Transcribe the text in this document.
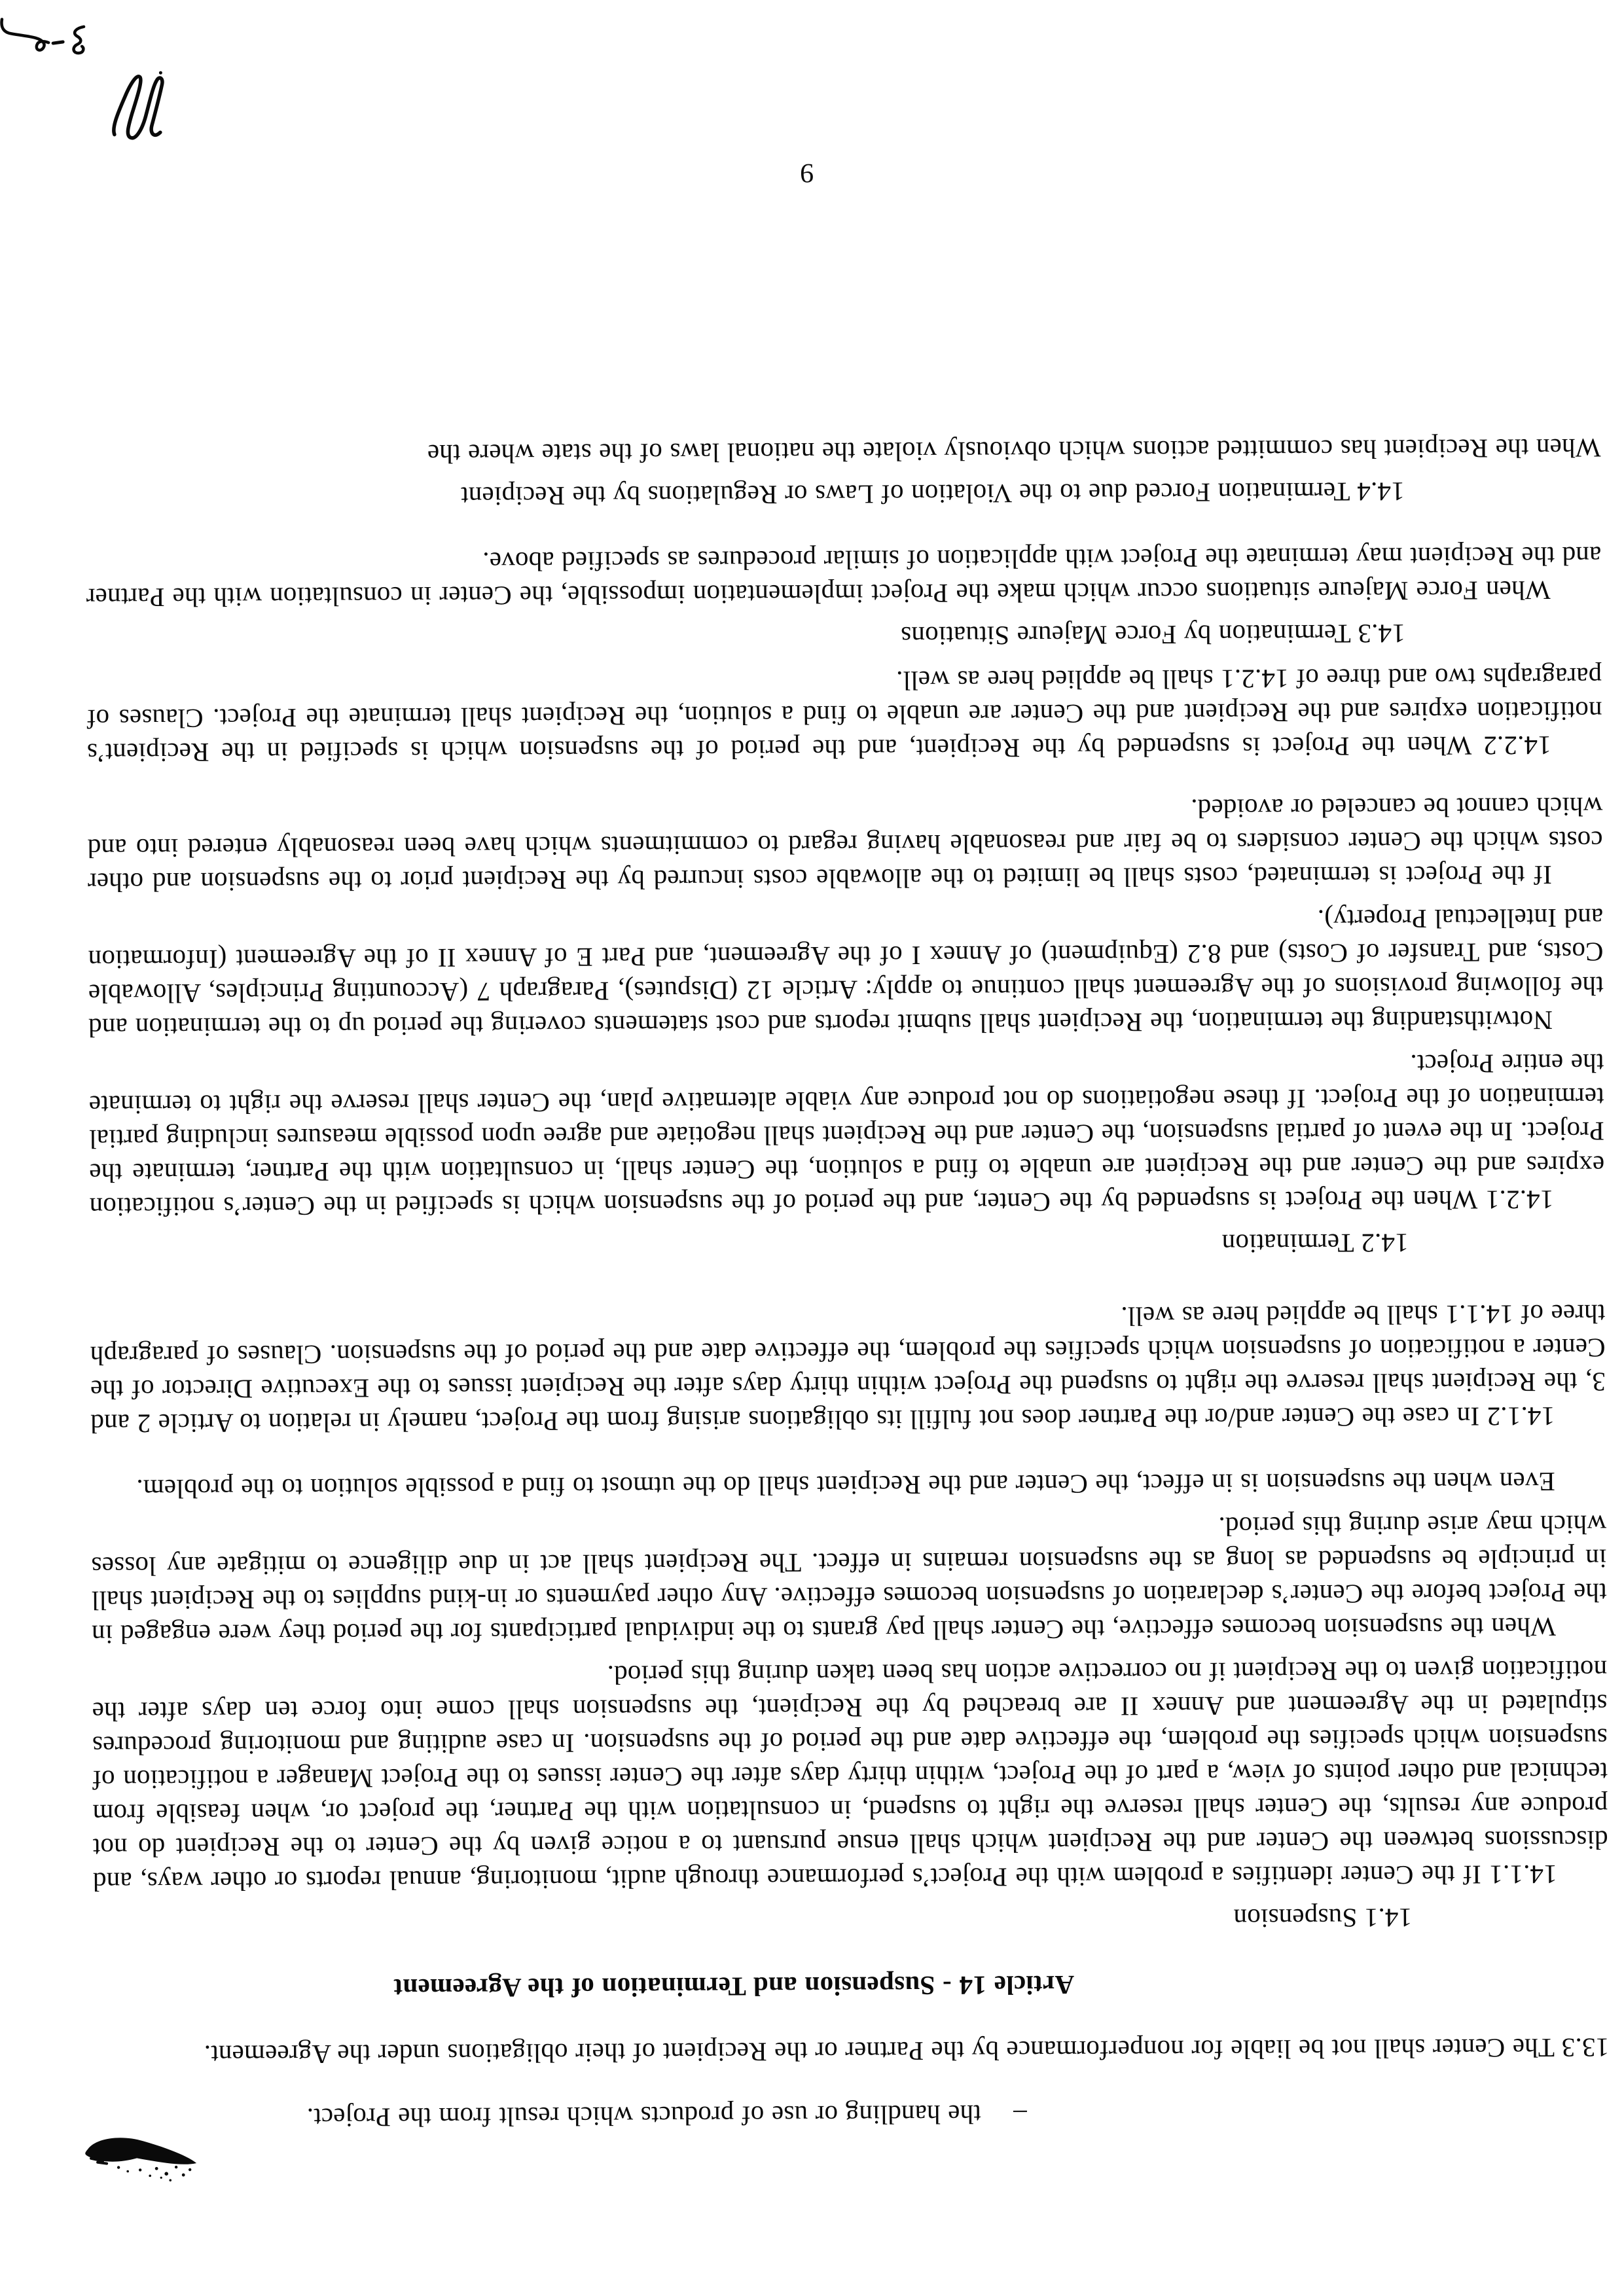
–the handling or use of products which result from the Project.

13.3 The Center shall not be liable for nonperformance by the Partner or the Recipient of their obligations under the Agreement.

Article 14 - Suspension and Termination of the Agreement

14.1 Suspension

14.1.1 If the Center identifies a problem with the Project’s performance through audit, monitoring, annual reports or other ways, and discussions between the Center and the Recipient which shall ensue pursuant to a notice given by the Center to the Recipient do not produce any results, the Center shall reserve the right to suspend, in consultation with the Partner, the project or, when feasible from technical and other points of view, a part of the Project, within thirty days after the Center issues to the Project Manager a notification of suspension which specifies the problem, the effective date and the period of the suspension. In case auditing and monitoring procedures stipulated in the Agreement and Annex II are breached by the Recipient, the suspension shall come into force ten days after the notification given to the Recipient if no corrective action has been taken during this period.

When the suspension becomes effective, the Center shall pay grants to the individual participants for the period they were engaged in the Project before the Center’s declaration of suspension becomes effective. Any other payments or in-kind supplies to the Recipient shall in principle be suspended as long as the suspension remains in effect. The Recipient shall act in due diligence to mitigate any losses which may arise during this period.

Even when the suspension is in effect, the Center and the Recipient shall do the utmost to find a possible solution to the problem.

14.1.2 In case the Center and/or the Partner does not fulfill its obligations arising from the Project, namely in relation to Article 2 and 3, the Recipient shall reserve the right to suspend the Project within thirty days after the Recipient issues to the Executive Director of the Center a notification of suspension which specifies the problem, the effective date and the period of the suspension. Clauses of paragraph three of 14.1.1 shall be applied here as well.

14.2 Termination

14.2.1 When the Project is suspended by the Center, and the period of the suspension which is specified in the Center’s notification expires and the Center and the Recipient are unable to find a solution, the Center shall, in consultation with the Partner, terminate the Project. In the event of partial suspension, the Center and the Recipient shall negotiate and agree upon possible measures including partial termination of the Project. If these negotiations do not produce any viable alternative plan, the Center shall reserve the right to terminate the entire Project.

Notwithstanding the termination, the Recipient shall submit reports and cost statements covering the period up to the termination and the following provisions of the Agreement shall continue to apply: Article 12 (Disputes), Paragraph 7 (Accounting Principles, Allowable Costs, and Transfer of Costs) and 8.2 (Equipment) of Annex I of the Agreement, and Part E of Annex II of the Agreement (Information and Intellectual Property).

If the Project is terminated, costs shall be limited to the allowable costs incurred by the Recipient prior to the suspension and other costs which the Center considers to be fair and reasonable having regard to commitments which have been reasonably entered into and which cannot be canceled or avoided.

14.2.2 When the Project is suspended by the Recipient, and the period of the suspension which is specified in the Recipient’s notification expires and the Recipient and the Center are unable to find a solution, the Recipient shall terminate the Project. Clauses of paragraphs two and three of 14.2.1 shall be applied here as well.

14.3 Termination by Force Majeure Situations

When Force Majeure situations occur which make the Project implementation impossible, the Center in consultation with the Partner and the Recipient may terminate the Project with application of similar procedures as specified above.

14.4 Termination Forced due to the Violation of Laws or Regulations by the Recipient

When the Recipient has committed actions which obviously violate the national laws of the state where the

9
